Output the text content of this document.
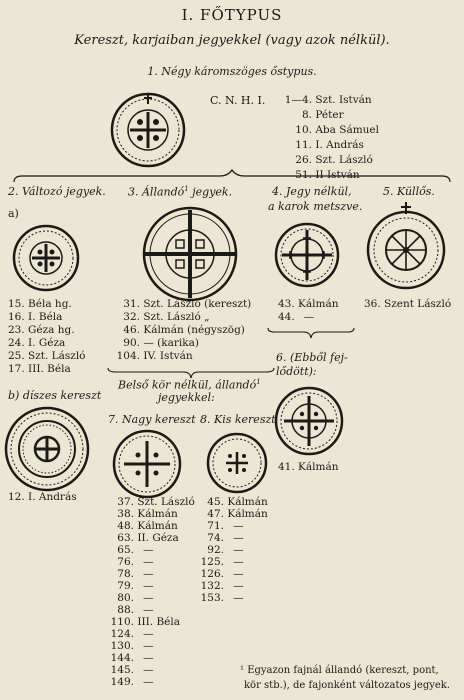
I. FŐTYPUS
Kereszt, karjaiban jegyekkel (vagy azok nélkül).
1. Négy káromszöges őstypus.
C. N. H. I.	1—4. Szt. István
8. Péter
10. Aba Sámuel
11. I. András
26. Szt. László
51. II István
2. Változó jegyek. 3. Állandó$^1$ jegyek.	4. Jegy nélkül,
a karok metszve.
5. Küllős.
a)
15. Béla hg.
16. I. Béla
23. Géza hg.
24. I. Géza
25. Szt. László
17. III. Béla
31. Szt. László (kereszt)
32. Szt. László „
46. Kálmán (négyszög)
90. — (karika)
104. IV. István
43. Kálmán
44. —
36. Szent László
6. (Ebből fej-
lődött):
Belső kör nélkül, állandó$^1$
jegyekkel:
b) díszes kereszt
12. I. András
7. Nagy kereszt 8. Kis kereszt
41. Kálmán
37. Szt. László
38. Kálmán
48. Kálmán
63. II. Géza
65. —
76. —
78. —
79. —
80. —
88. —
110. III. Béla
124. —
130. —
144. —
145. —
149. —
45. Kálmán
47. Kálmán
71. —
74. —
92. —
125. —
126. —
132. —
153. —
¹ Egyazon fajnál állandó (kereszt, pont,
kör stb.), de fajonként változatos jegyek.
